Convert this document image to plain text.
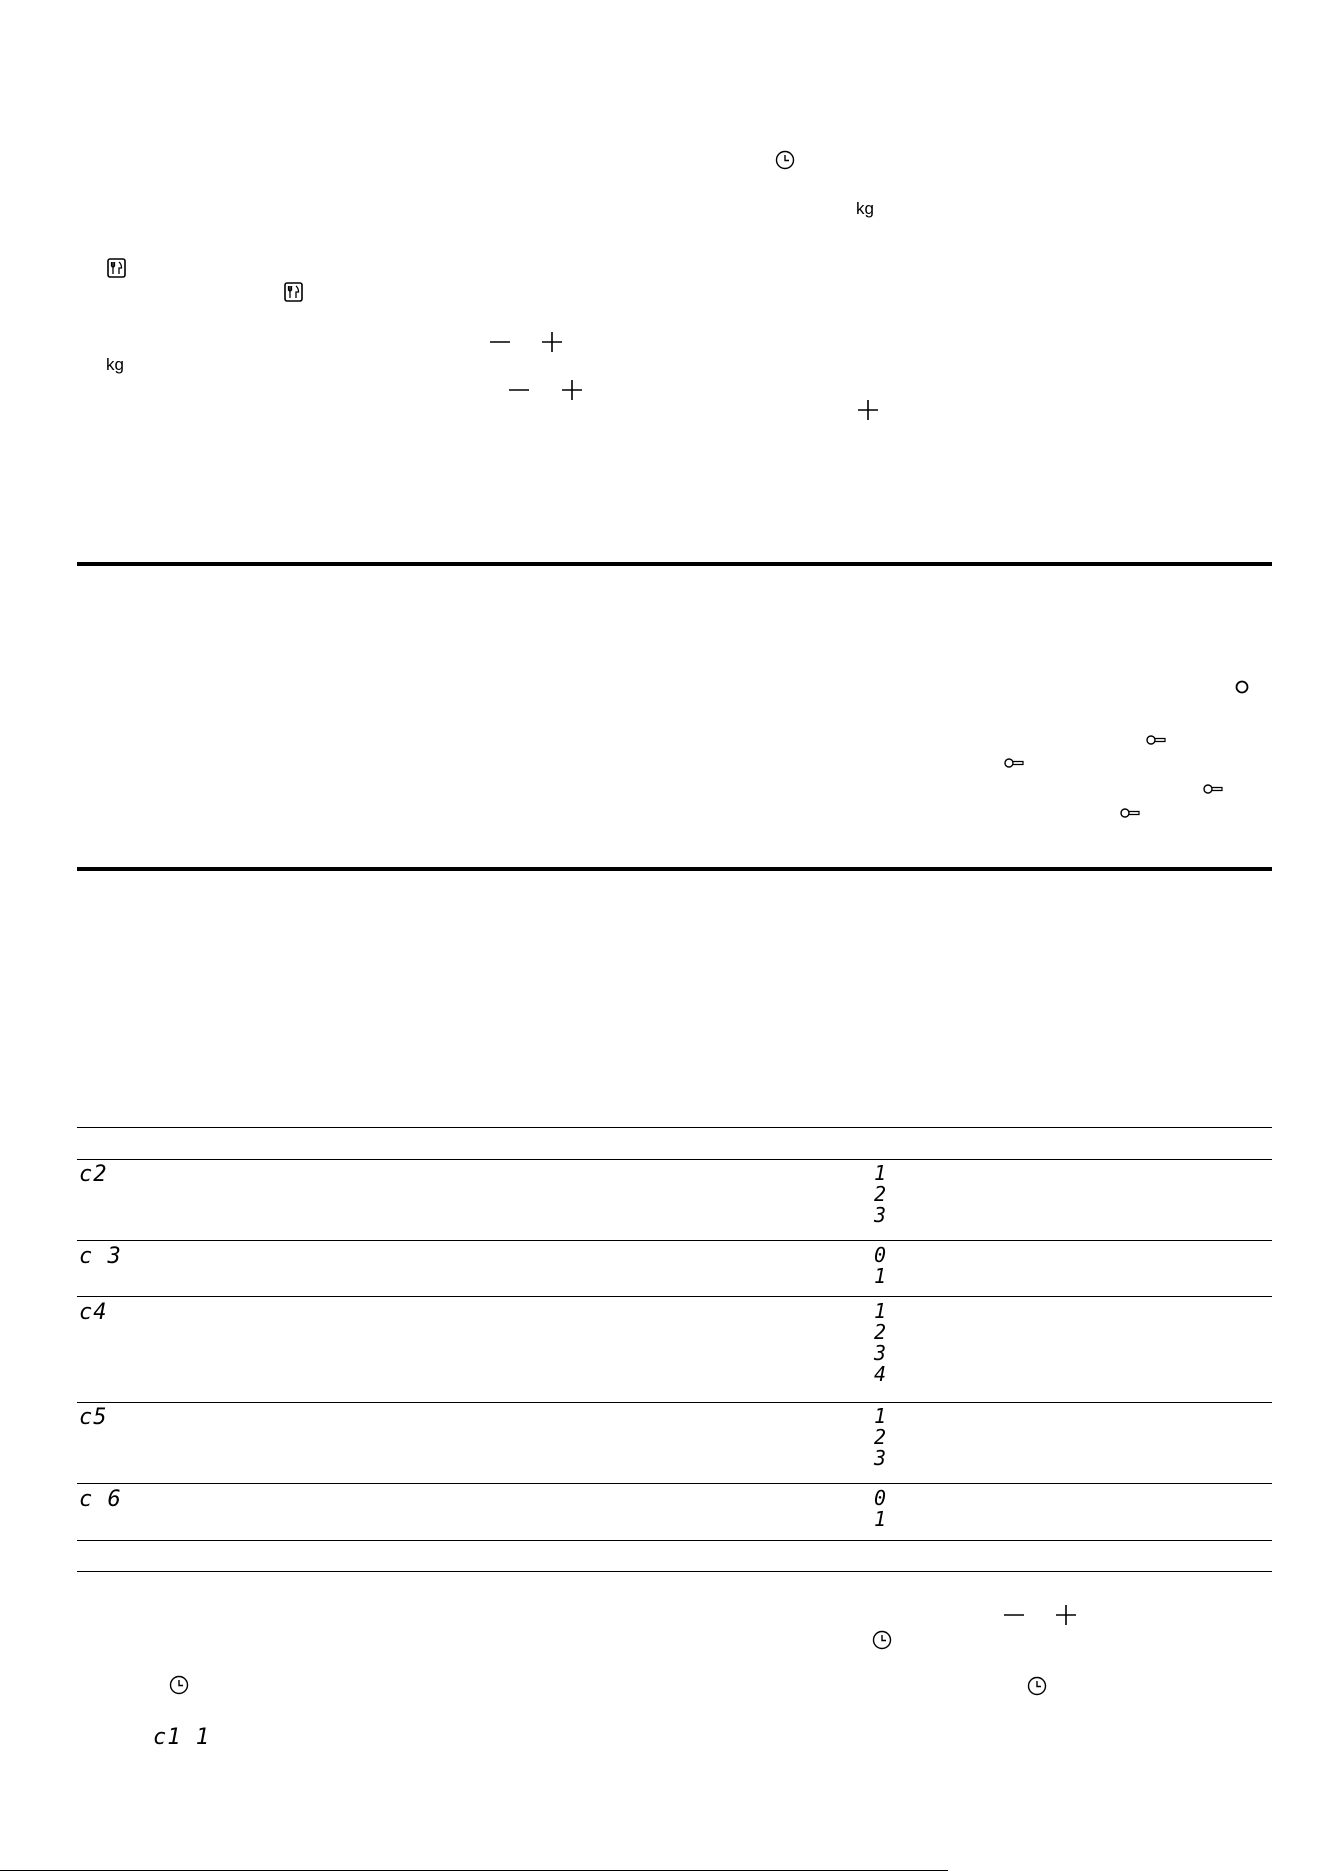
kg
kg
c2	1
2
3
c 3	0
1
c4	1
2
3
4
c5	1
2
3
c 6	0
1
c1 1
